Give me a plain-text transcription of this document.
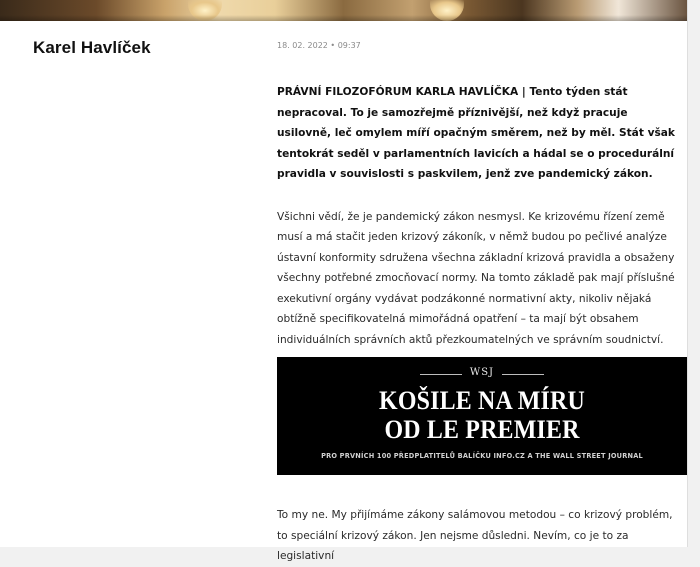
Karel Havlíček	18. 02. 2022 • 09:37

PRÁVNÍ FILOZOFÓRUM KARLA HAVLÍČKA | Tento týden stát nepracoval. To je samozřejmě příznivější, než když pracuje usilovně, leč omylem míří opačným směrem, než by měl. Stát však tentokrát seděl v parlamentních lavicích a hádal se o procedurální pravidla v souvislosti s paskvilem, jenž zve pandemický zákon.

Všichni vědí, že je pandemický zákon nesmysl. Ke krizovému řízení země musí a má stačit jeden krizový zákoník, v němž budou po pečlivé analýze ústavní konformity sdružena všechna základní krizová pravidla a obsaženy všechny potřebné zmocňovací normy. Na tomto základě pak mají příslušné exekutivní orgány vydávat podzákonné normativní akty, nikoliv nějaká obtížně specifikovatelná mimořádná opatření – ta mají být obsahem individuálních správních aktů přezkoumatelných ve správním soudnictví.

WSJ
KOŠILE NA MÍRU
OD LE PREMIER
PRO PRVNÍCH 100 PŘEDPLATITELŮ BALÍČKU INFO.CZ A THE WALL STREET JOURNAL

To my ne. My přijímáme zákony salámovou metodou – co krizový problém, to speciální krizový zákon. Jen nejsme důsledni. Nevím, co je to za legislativní
